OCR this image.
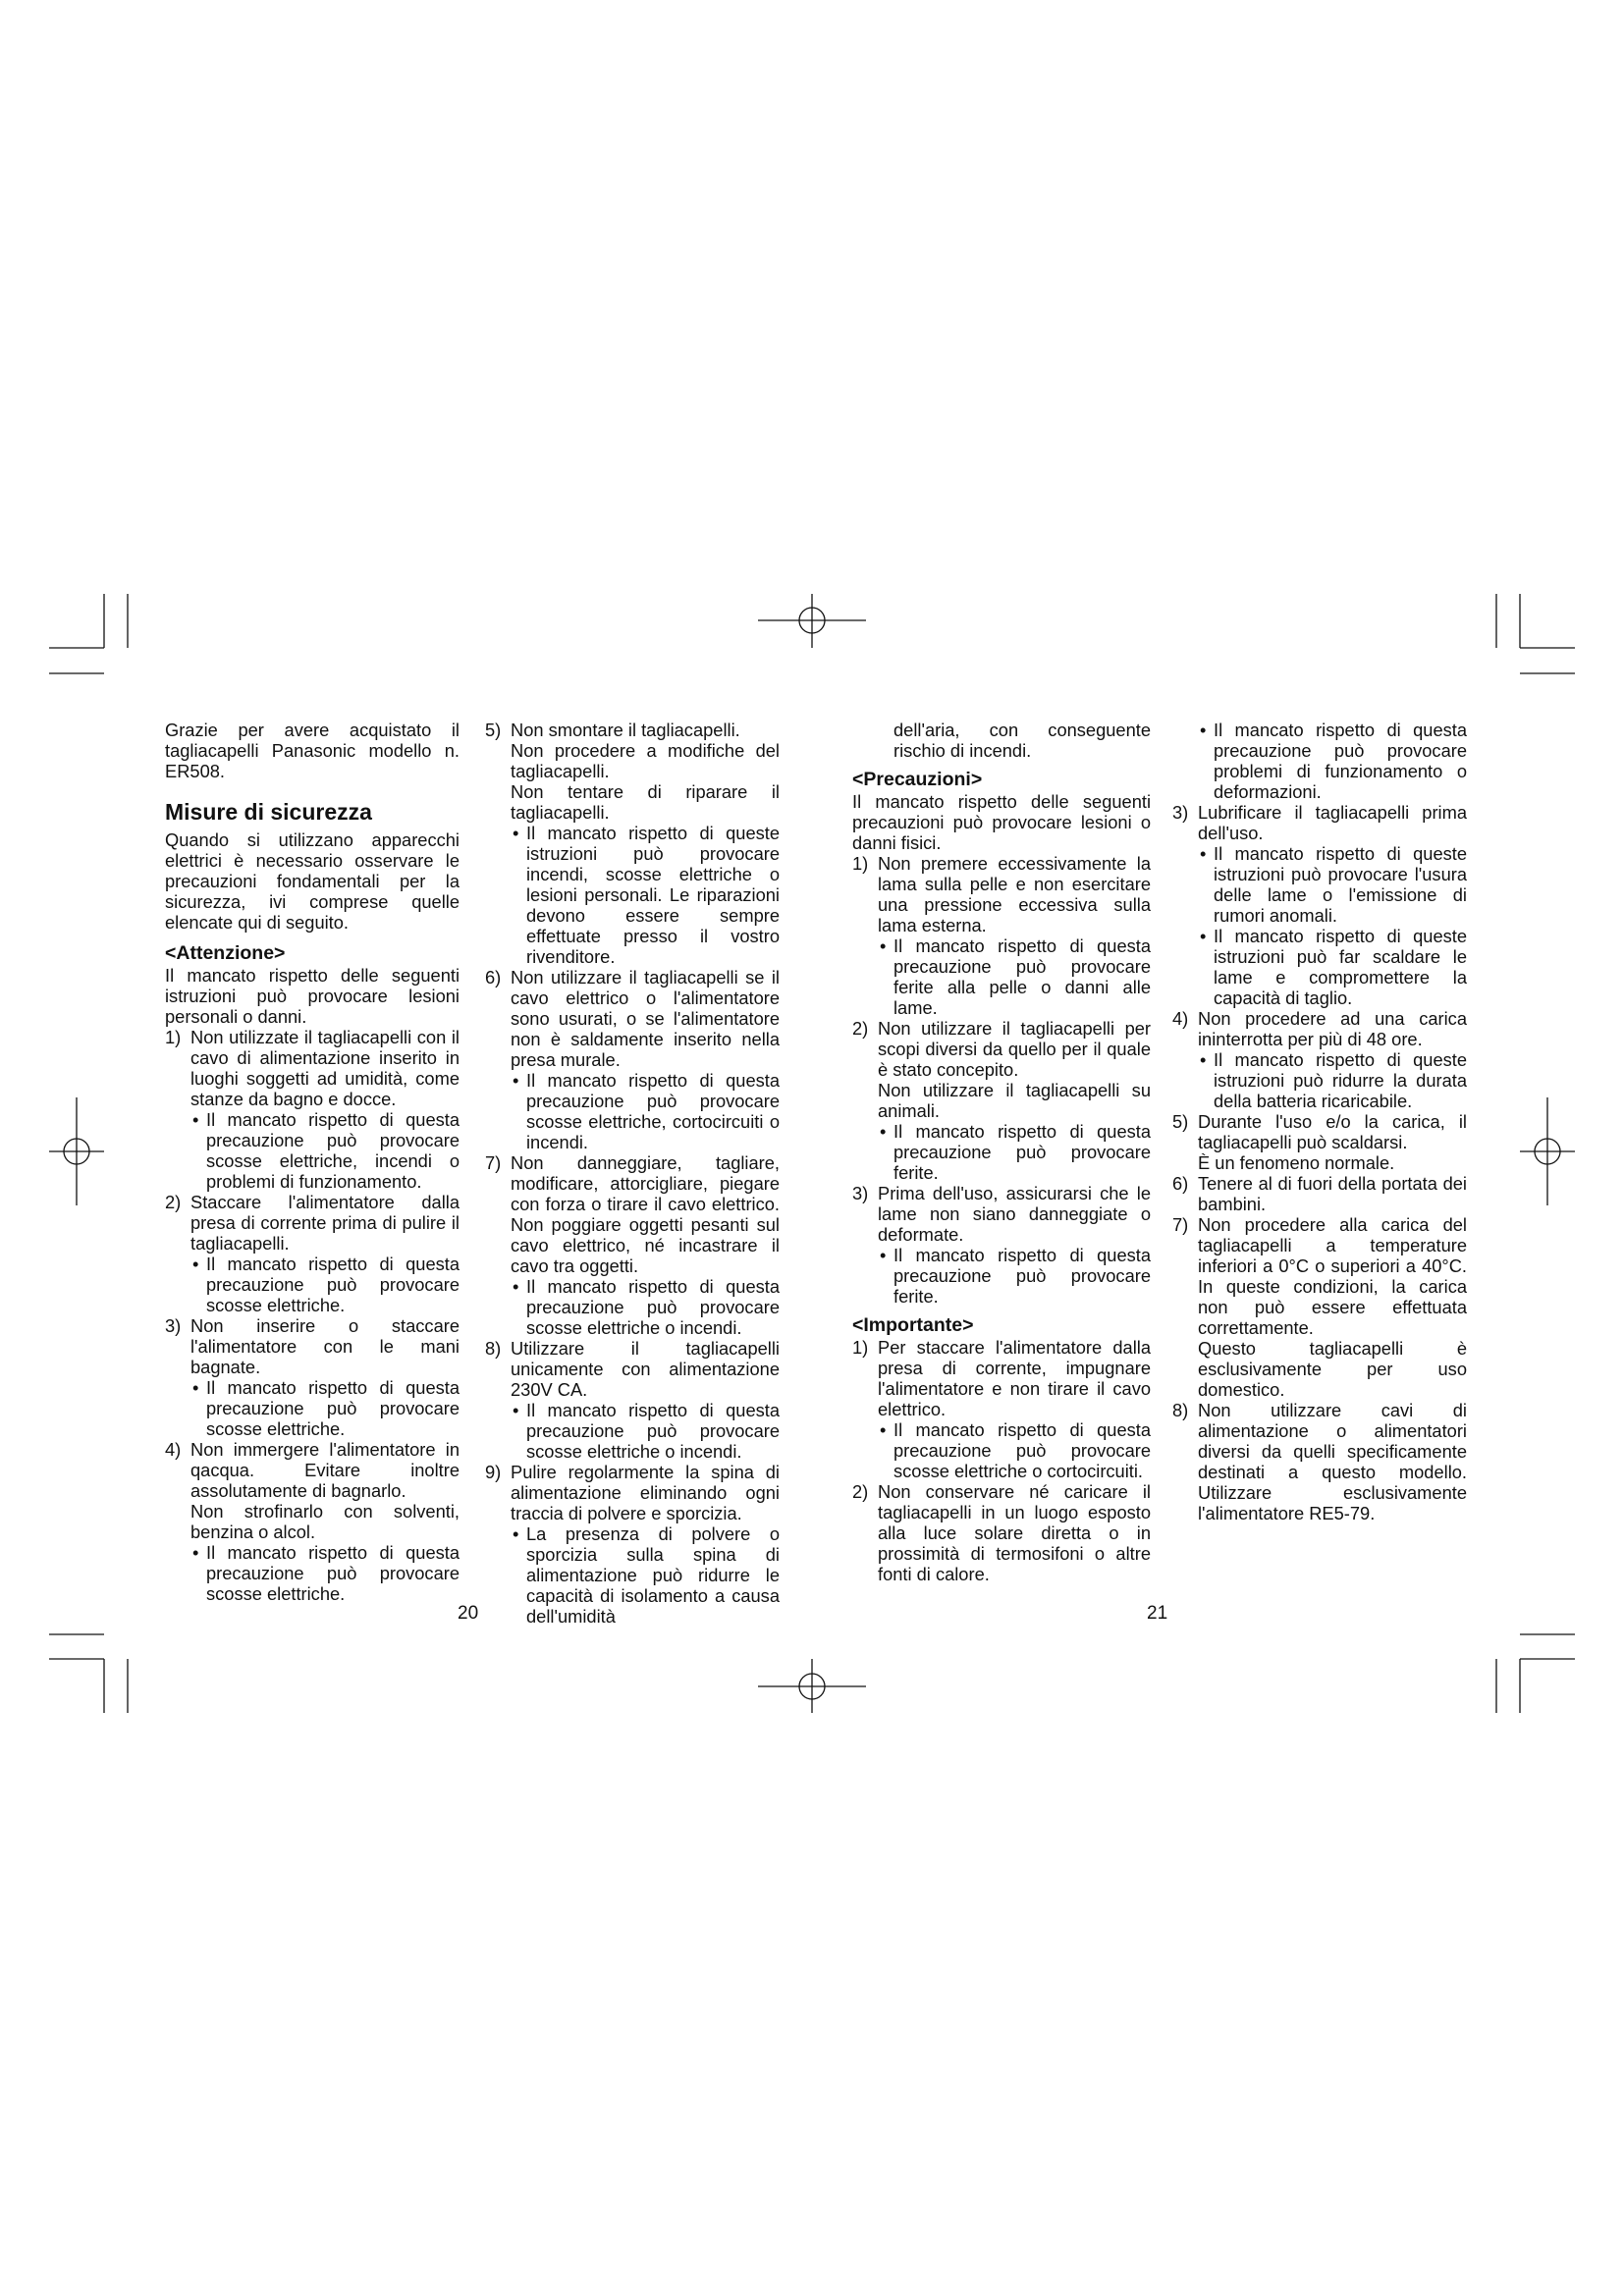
Grazie per avere acquistato il tagliacapelli Panasonic modello n. ER508.

Misure di sicurezza

Quando si utilizzano apparecchi elettrici è necessario osservare le precauzioni fondamentali per la sicurezza, ivi comprese quelle elencate qui di seguito.

<Attenzione>

Il mancato rispetto delle seguenti istruzioni può provocare lesioni personali o danni.

1) Non utilizzate il tagliacapelli con il cavo di alimentazione inserito in luoghi soggetti ad umidità, come stanze da bagno e docce.

• Il mancato rispetto di questa precauzione può provocare scosse elettriche, incendi o problemi di funzionamento.

2) Staccare l'alimentatore dalla presa di corrente prima di pulire il tagliacapelli.

• Il mancato rispetto di questa precauzione può provocare scosse elettriche.

3) Non inserire o staccare l'alimentatore con le mani bagnate.

• Il mancato rispetto di questa precauzione può provocare scosse elettriche.

4) Non immergere l'alimentatore in qacqua. Evitare inoltre assolutamente di bagnarlo.

Non strofinarlo con solventi, benzina o alcol.

• Il mancato rispetto di questa precauzione può provocare scosse elettriche.

5) Non smontare il tagliacapelli.

Non procedere a modifiche del tagliacapelli.

Non tentare di riparare il tagliacapelli.

• Il mancato rispetto di queste istruzioni può provocare incendi, scosse elettriche o lesioni personali. Le riparazioni devono essere sempre effettuate presso il vostro rivenditore.

6) Non utilizzare il tagliacapelli se il cavo elettrico o l'alimentatore sono usurati, o se l'alimentatore non è saldamente inserito nella presa murale.

• Il mancato rispetto di questa precauzione può provocare scosse elettriche, cortocircuiti o incendi.

7) Non danneggiare, tagliare, modificare, attorcigliare, piegare con forza o tirare il cavo elettrico. Non poggiare oggetti pesanti sul cavo elettrico, né incastrare il cavo tra oggetti.

• Il mancato rispetto di questa precauzione può provocare scosse elettriche o incendi.

8) Utilizzare il tagliacapelli unicamente con alimentazione 230V CA.

• Il mancato rispetto di questa precauzione può provocare scosse elettriche o incendi.

9) Pulire regolarmente la spina di alimentazione eliminando ogni traccia di polvere e sporcizia.

• La presenza di polvere o sporcizia sulla spina di alimentazione può ridurre le capacità di isolamento a causa dell'umidità

20

dell'aria, con conseguente rischio di incendi.

<Precauzioni>

Il mancato rispetto delle seguenti precauzioni può provocare lesioni o danni fisici.

1) Non premere eccessivamente la lama sulla pelle e non esercitare una pressione eccessiva sulla lama esterna.

• Il mancato rispetto di questa precauzione può provocare ferite alla pelle o danni alle lame.

2) Non utilizzare il tagliacapelli per scopi diversi da quello per il quale è stato concepito.

Non utilizzare il tagliacapelli su animali.

• Il mancato rispetto di questa precauzione può provocare ferite.

3) Prima dell'uso, assicurarsi che le lame non siano danneggiate o deformate.

• Il mancato rispetto di questa precauzione può provocare ferite.

<Importante>
1) Per staccare l'alimentatore dalla presa di corrente, impugnare l'alimentatore e non tirare il cavo elettrico.

• Il mancato rispetto di questa precauzione può provocare scosse elettriche o cortocircuiti.

2) Non conservare né caricare il tagliacapelli in un luogo esposto alla luce solare diretta o in prossimità di termosifoni o altre fonti di calore.

• Il mancato rispetto di questa precauzione può provocare problemi di funzionamento o deformazioni.

3) Lubrificare il tagliacapelli prima dell'uso.

• Il mancato rispetto di queste istruzioni può provocare l'usura delle lame o l'emissione di rumori anomali.

• Il mancato rispetto di queste istruzioni può far scaldare le lame e compromettere la capacità di taglio.

4) Non procedere ad una carica ininterrotta per più di 48 ore.

• Il mancato rispetto di queste istruzioni può ridurre la durata della batteria ricaricabile.

5) Durante l'uso e/o la carica, il tagliacapelli può scaldarsi.

È un fenomeno normale.

6) Tenere al di fuori della portata dei bambini.

7) Non procedere alla carica del tagliacapelli a temperature inferiori a 0°C o superiori a 40°C. In queste condizioni, la carica non può essere effettuata correttamente.

Questo tagliacapelli è esclusivamente per uso domestico.

8) Non utilizzare cavi di alimentazione o alimentatori diversi da quelli specificamente destinati a questo modello. Utilizzare esclusivamente l'alimentatore RE5-79.

21
